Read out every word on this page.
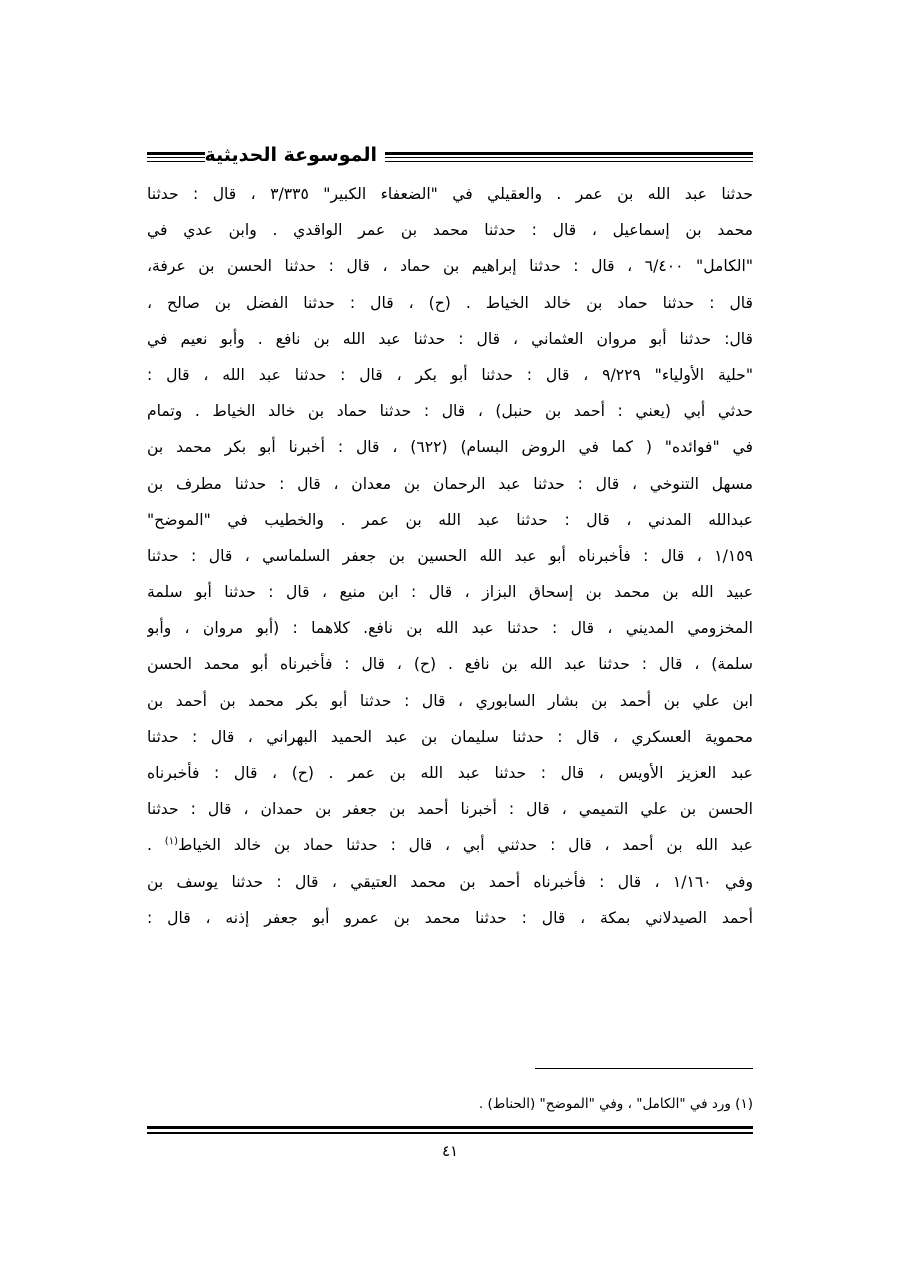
الموسوعة الحديثية
حدثنا عبد الله بن عمر . والعقيلي في "الضعفاء الكبير" ٣/٣٣٥ ، قال : حدثنا
محمد بن إسماعيل ، قال : حدثنا محمد بن عمر الواقدي . وابن عدي في
"الكامل" ٦/٤٠٠ ، قال : حدثنا إبراهيم بن حماد ، قال : حدثنا الحسن بن عرفة،
قال : حدثنا حماد بن خالد الخياط . (ح) ، قال : حدثنا الفضل بن صالح ،
قال: حدثنا أبو مروان العثماني ، قال : حدثنا عبد الله بن نافع . وأبو نعيم في
"حلية الأولياء" ٩/٢٢٩ ، قال : حدثنا أبو بكر ، قال : حدثنا عبد الله ، قال :
حدثي أبي (يعني : أحمد بن حنبل) ، قال : حدثنا حماد بن خالد الخياط . وتمام
في "فوائده" ( كما في الروض البسام) (٦٢٢) ، قال : أخبرنا أبو بكر محمد بن
مسهل التنوخي ، قال : حدثنا عبد الرحمان بن معدان ، قال : حدثنا مطرف بن
عبدالله المدني ، قال : حدثنا عبد الله بن عمر . والخطيب في "الموضح"
١/١٥٩ ، قال : فأخبرناه أبو عبد الله الحسين بن جعفر السلماسي ، قال : حدثنا
عبيد الله بن محمد بن إسحاق البزاز ، قال : ابن منيع ، قال : حدثنا أبو سلمة
المخزومي المديني ، قال : حدثنا عبد الله بن نافع. كلاهما : (أبو مروان ، وأبو
سلمة) ، قال : حدثنا عبد الله بن نافع . (ح) ، قال : فأخبرناه أبو محمد الحسن
ابن علي بن أحمد بن بشار السابوري ، قال : حدثنا أبو بكر محمد بن أحمد بن
محموية العسكري ، قال : حدثنا سليمان بن عبد الحميد البهراني ، قال : حدثنا
عبد العزيز الأويس ، قال : حدثنا عبد الله بن عمر . (ح) ، قال : فأخبرناه
الحسن بن علي التميمي ، قال : أخبرنا أحمد بن جعفر بن حمدان ، قال : حدثنا
عبد الله بن أحمد ، قال : حدثني أبي ، قال : حدثنا حماد بن خالد الخياط$^{(١)}$ .
وفي ١/١٦٠ ، قال : فأخبرناه أحمد بن محمد العتيقي ، قال : حدثنا يوسف بن
أحمد الصيدلاني بمكة ، قال : حدثنا محمد بن عمرو أبو جعفر إذنه ، قال :
(١) ورد في "الكامل" ، وفي "الموضح" (الحناط) .
٤١
